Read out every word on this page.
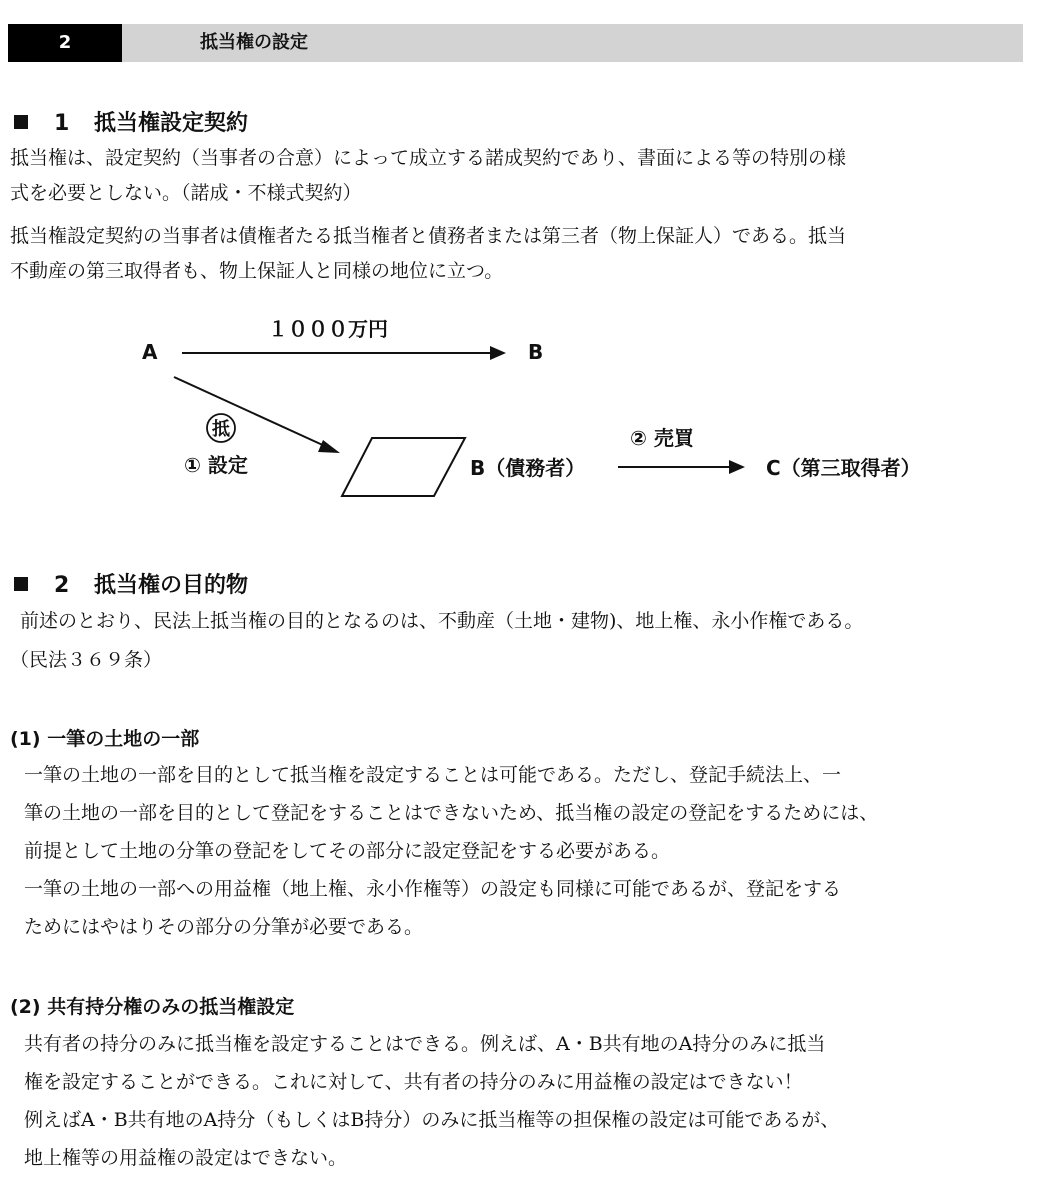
2	抵当権の設定
1 抵当権設定契約
抵当権は、設定契約（当事者の合意）によって成立する諾成契約であり、書面による等の特別の様
式を必要としない。（諾成・不様式契約）
抵当権設定契約の当事者は債権者たる抵当権者と債務者または第三者（物上保証人）である。抵当
不動産の第三取得者も、物上保証人と同様の地位に立つ。
A	B
１０００万円
抵
① 設定	B（債務者）
② 売買
C（第三取得者）
2 抵当権の目的物
前述のとおり、民法上抵当権の目的となるのは、不動産（土地・建物)、地上権、永小作権である。
（民法３６９条）
(1) 一筆の土地の一部
一筆の土地の一部を目的として抵当権を設定することは可能である。ただし、登記手続法上、一
筆の土地の一部を目的として登記をすることはできないため、抵当権の設定の登記をするためには、
前提として土地の分筆の登記をしてその部分に設定登記をする必要がある。
一筆の土地の一部への用益権（地上権、永小作権等）の設定も同様に可能であるが、登記をする
ためにはやはりその部分の分筆が必要である。
(2) 共有持分権のみの抵当権設定
共有者の持分のみに抵当権を設定することはできる。例えば、A・B共有地のA持分のみに抵当
権を設定することができる。これに対して、共有者の持分のみに用益権の設定はできない！
例えばA・B共有地のA持分（もしくはB持分）のみに抵当権等の担保権の設定は可能であるが、
地上権等の用益権の設定はできない。
